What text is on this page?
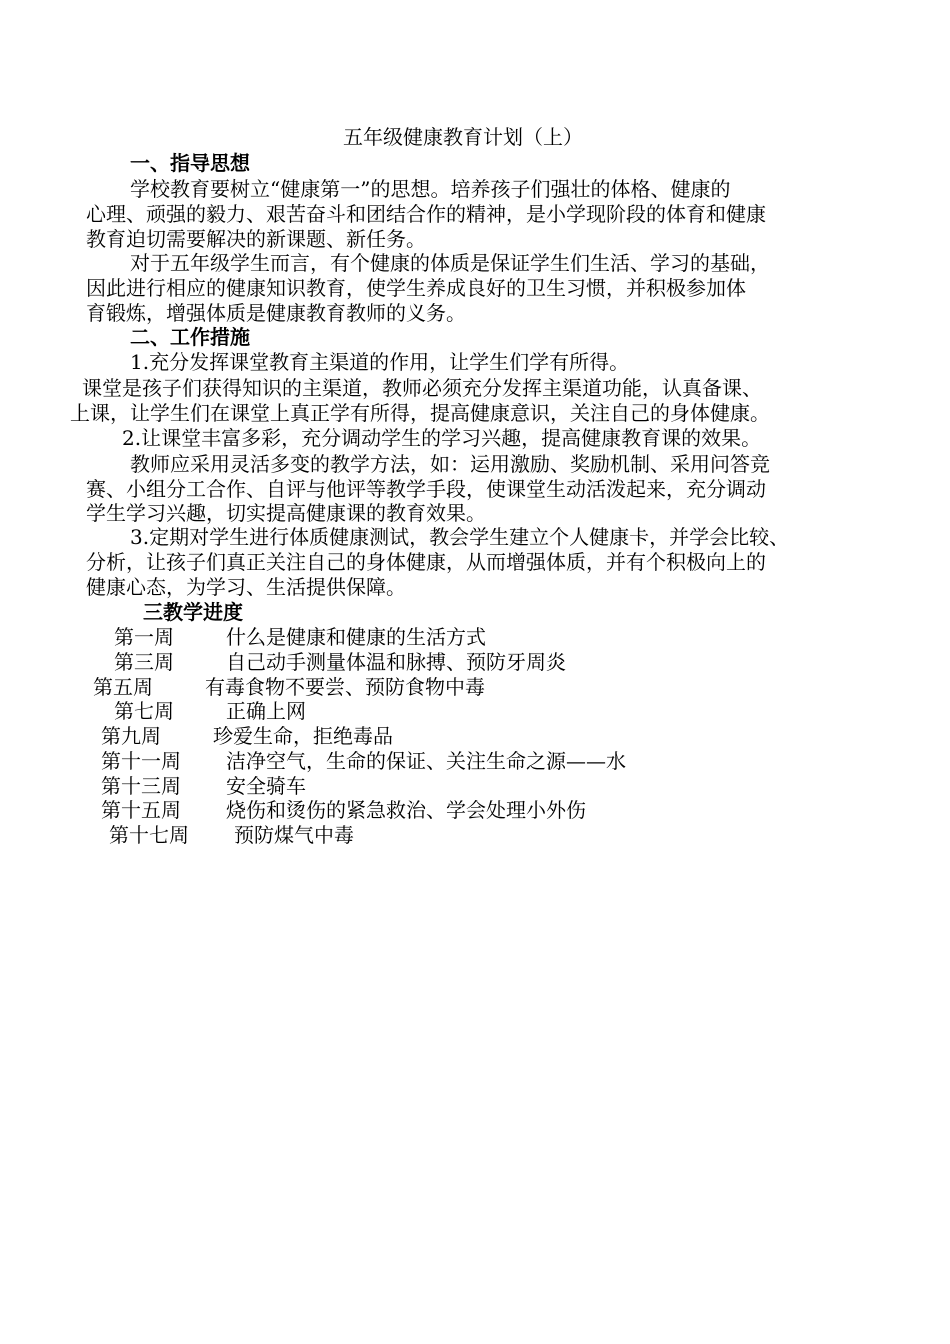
五年级健康教育计划（上）
一、指导思想
学校教育要树立“健康第一”的思想。培养孩子们强壮的体格、健康的
心理、顽强的毅力、艰苦奋斗和团结合作的精神，是小学现阶段的体育和健康
教育迫切需要解决的新课题、新任务。
对于五年级学生而言，有个健康的体质是保证学生们生活、学习的基础，
因此进行相应的健康知识教育，使学生养成良好的卫生习惯，并积极参加体
育锻炼，增强体质是健康教育教师的义务。
二、工作措施
1.充分发挥课堂教育主渠道的作用，让学生们学有所得。
课堂是孩子们获得知识的主渠道，教师必须充分发挥主渠道功能，认真备课、
上课，让学生们在课堂上真正学有所得，提高健康意识，关注自己的身体健康。
2.让课堂丰富多彩，充分调动学生的学习兴趣，提高健康教育课的效果。
教师应采用灵活多变的教学方法，如：运用激励、奖励机制、采用问答竞
赛、小组分工合作、自评与他评等教学手段，使课堂生动活泼起来，充分调动
学生学习兴趣，切实提高健康课的教育效果。
3.定期对学生进行体质健康测试，教会学生建立个人健康卡，并学会比较、
分析，让孩子们真正关注自己的身体健康，从而增强体质，并有个积极向上的
健康心态，为学习、生活提供保障。
三教学进度
第一周	什么是健康和健康的生活方式
第三周	自己动手测量体温和脉搏、预防牙周炎
第五周	有毒食物不要尝、预防食物中毒
第七周	正确上网
第九周	珍爱生命，拒绝毒品
第十一周 洁净空气，生命的保证、关注生命之源——水
第十三周 安全骑车
第十五周 烧伤和烫伤的紧急救治、学会处理小外伤
第十七周 预防煤气中毒
